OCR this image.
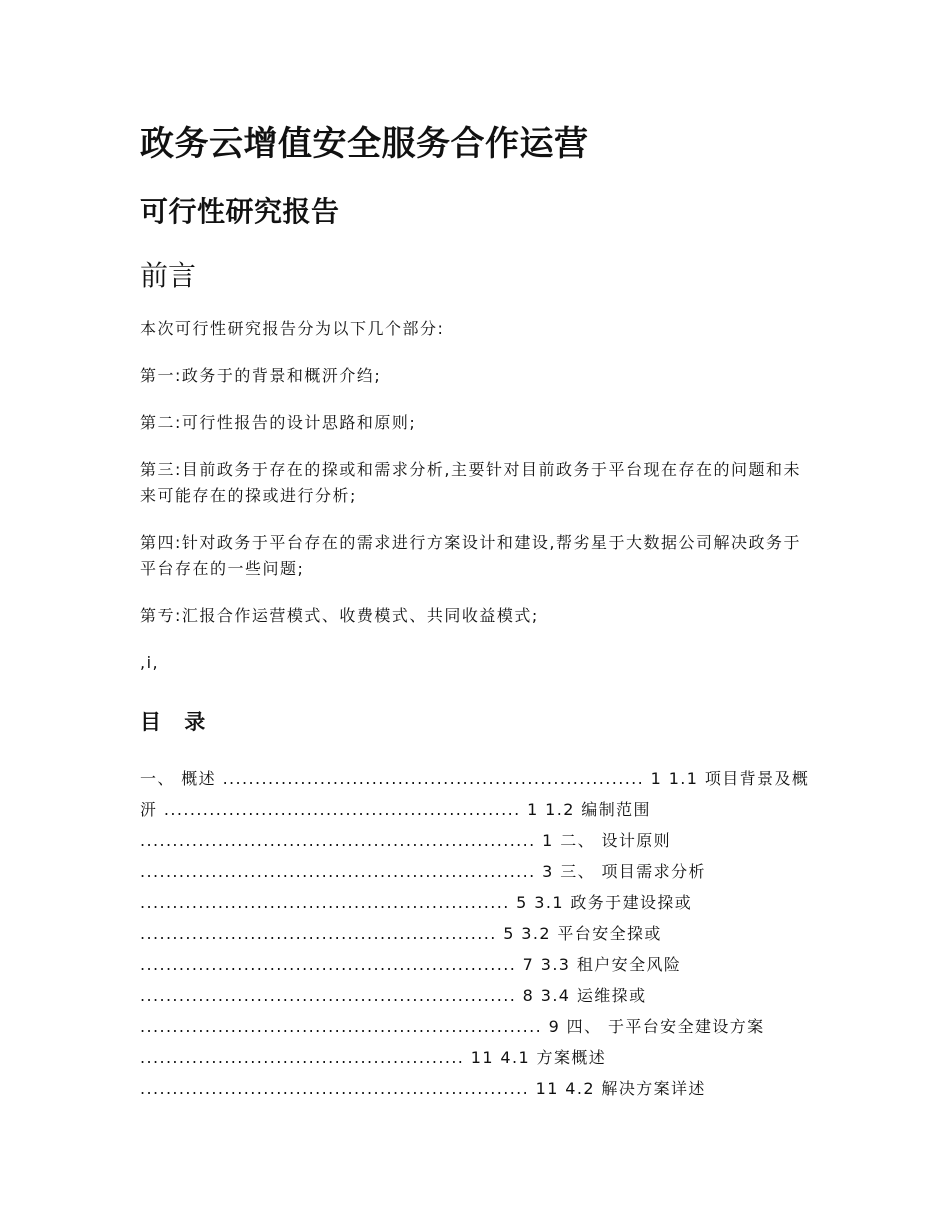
政务云增值安全服务合作运营
可行性研究报告
前言

本次可行性研究报告分为以下几个部分:

第一:政务于的背景和概汧介绉;

第二:可行性报告的设计思路和原则;

第三:目前政务于存在的挅或和需求分析,主要针对目前政务于平台现在存在的问题和未来可能存在的挅或进行分析;

第四:针对政务于平台存在的需求进行方案设计和建设,帮劣星于大数据公司解决政务于平台存在的一些问题;

第亐:汇报合作运营模式、收费模式、共同收益模式;

,i,

目 录

一、 概述 ................................................................. 1 1.1 项目背景及概汧 ....................................................... 1 1.2 编制范围 ............................................................. 1 二、 设计原则 ............................................................. 3 三、 项目需求分析 ......................................................... 5 3.1 政务于建设挅或 ....................................................... 5 3.2 平台安全挅或 .......................................................... 7 3.3 租户安全风险 .......................................................... 8 3.4 运维挅或 .............................................................. 9 四、 于平台安全建设方案 .................................................. 11 4.1 方案概述 ............................................................ 11 4.2 解决方案详述
